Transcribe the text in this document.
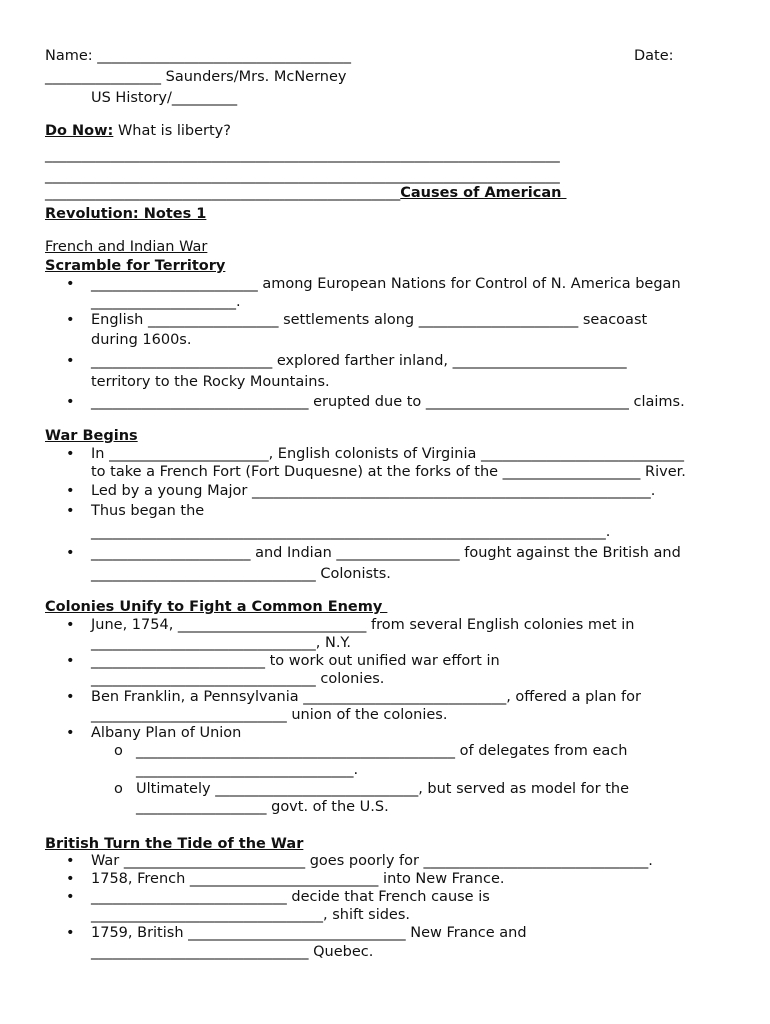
Name: ___________________________________	Date:
________________ Saunders/Mrs. McNerney
US History/_________
Do Now: What is liberty?
_______________________________________________________________________
_______________________________________________________________________
_________________________________________________Causes of American
Revolution: Notes 1
French and Indian War
Scramble for Territory
• _______________________ among European Nations for Control of N. America began
____________________.
• English __________________ settlements along ______________________ seacoast
during 1600s.
• _________________________ explored farther inland, ________________________
territory to the Rocky Mountains.
• ______________________________ erupted due to ____________________________ claims.
War Begins
• In ______________________, English colonists of Virginia ____________________________
to take a French Fort (Fort Duquesne) at the forks of the ___________________ River.
• Led by a young Major _______________________________________________________.
• Thus began the
_______________________________________________________________________.
• ______________________ and Indian _________________ fought against the British and
_______________________________ Colonists.
Colonies Unify to Fight a Common Enemy
• June, 1754, __________________________ from several English colonies met in
_______________________________, N.Y.
• ________________________ to work out unified war effort in
_______________________________ colonies.
• Ben Franklin, a Pennsylvania ____________________________, offered a plan for
___________________________ union of the colonies.
• Albany Plan of Union
o ____________________________________________ of delegates from each
______________________________.
o Ultimately ____________________________, but served as model for the
__________________ govt. of the U.S.
British Turn the Tide of the War
• War _________________________ goes poorly for _______________________________.
• 1758, French __________________________ into New France.
• ___________________________ decide that French cause is
________________________________, shift sides.
• 1759, British ______________________________ New France and
______________________________ Quebec.
